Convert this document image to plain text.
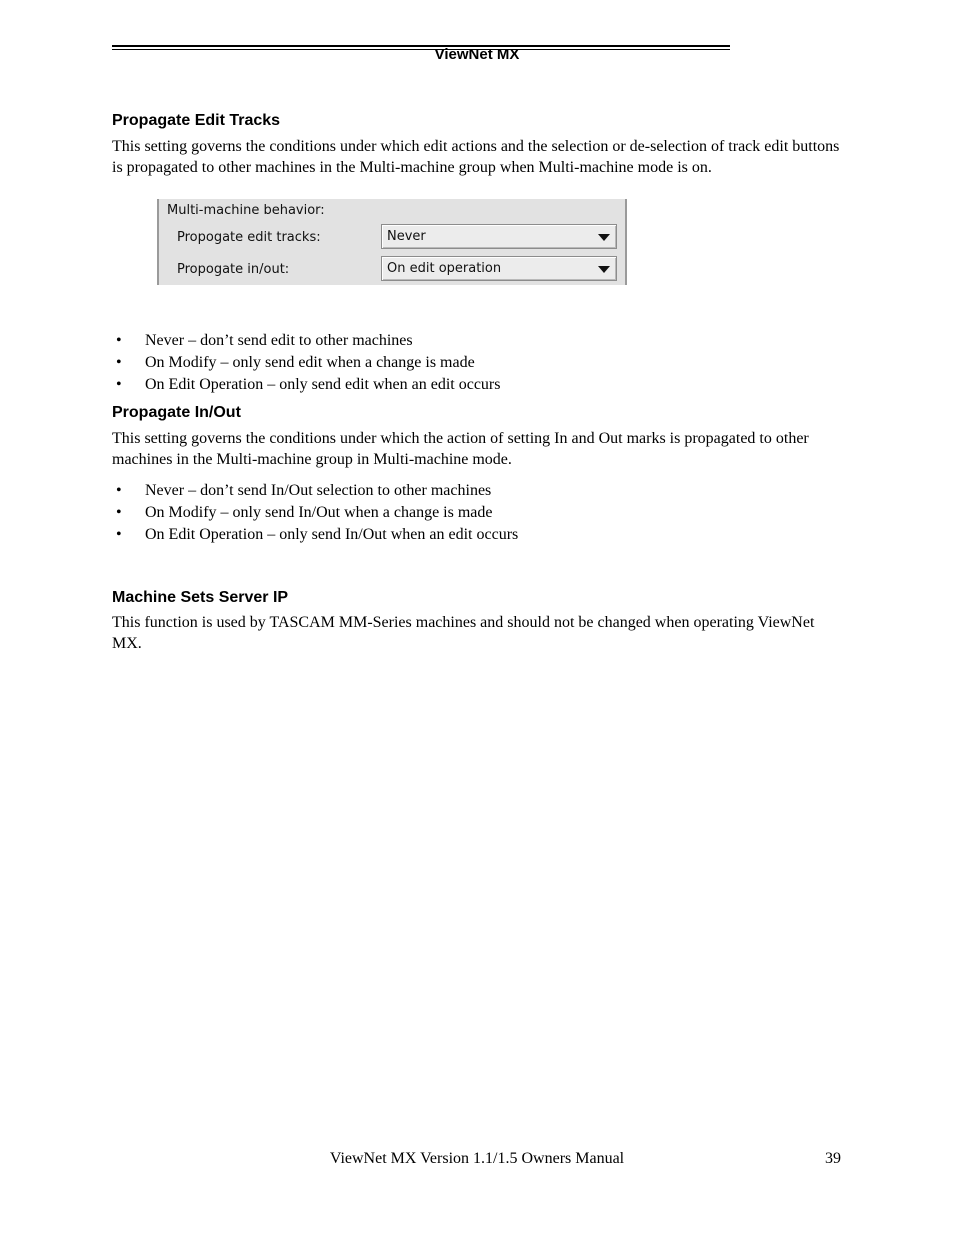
ViewNet MX
Propagate Edit Tracks

This setting governs the conditions under which edit actions and the selection or de-selection of track edit buttons is propagated to other machines in the Multi-machine group when Multi-machine mode is on.

Multi-machine behavior:
Propogate edit tracks:	Never
Propogate in/out:	On edit operation
• Never – don’t send edit to other machines
• On Modify – only send edit when a change is made
• On Edit Operation – only send edit when an edit occurs
Propagate In/Out

This setting governs the conditions under which the action of setting In and Out marks is propagated to other machines in the Multi-machine group in Multi-machine mode.

• Never – don’t send In/Out selection to other machines
• On Modify – only send In/Out when a change is made
• On Edit Operation – only send In/Out when an edit occurs
Machine Sets Server IP

This function is used by TASCAM MM-Series machines and should not be changed when operating ViewNet MX.

ViewNet MX Version 1.1/1.5 Owners Manual	39
